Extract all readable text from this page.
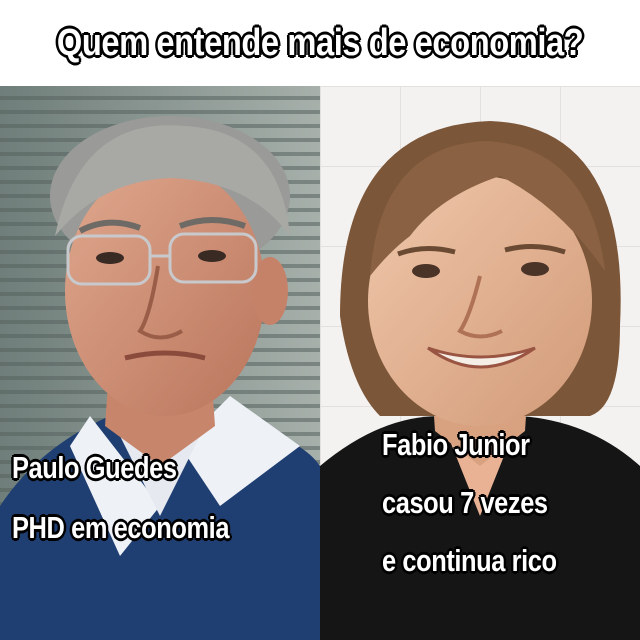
Quem entende mais de economia?
Paulo Guedes
PHD em economia
Fabio Junior
casou 7 vezes
e continua rico
